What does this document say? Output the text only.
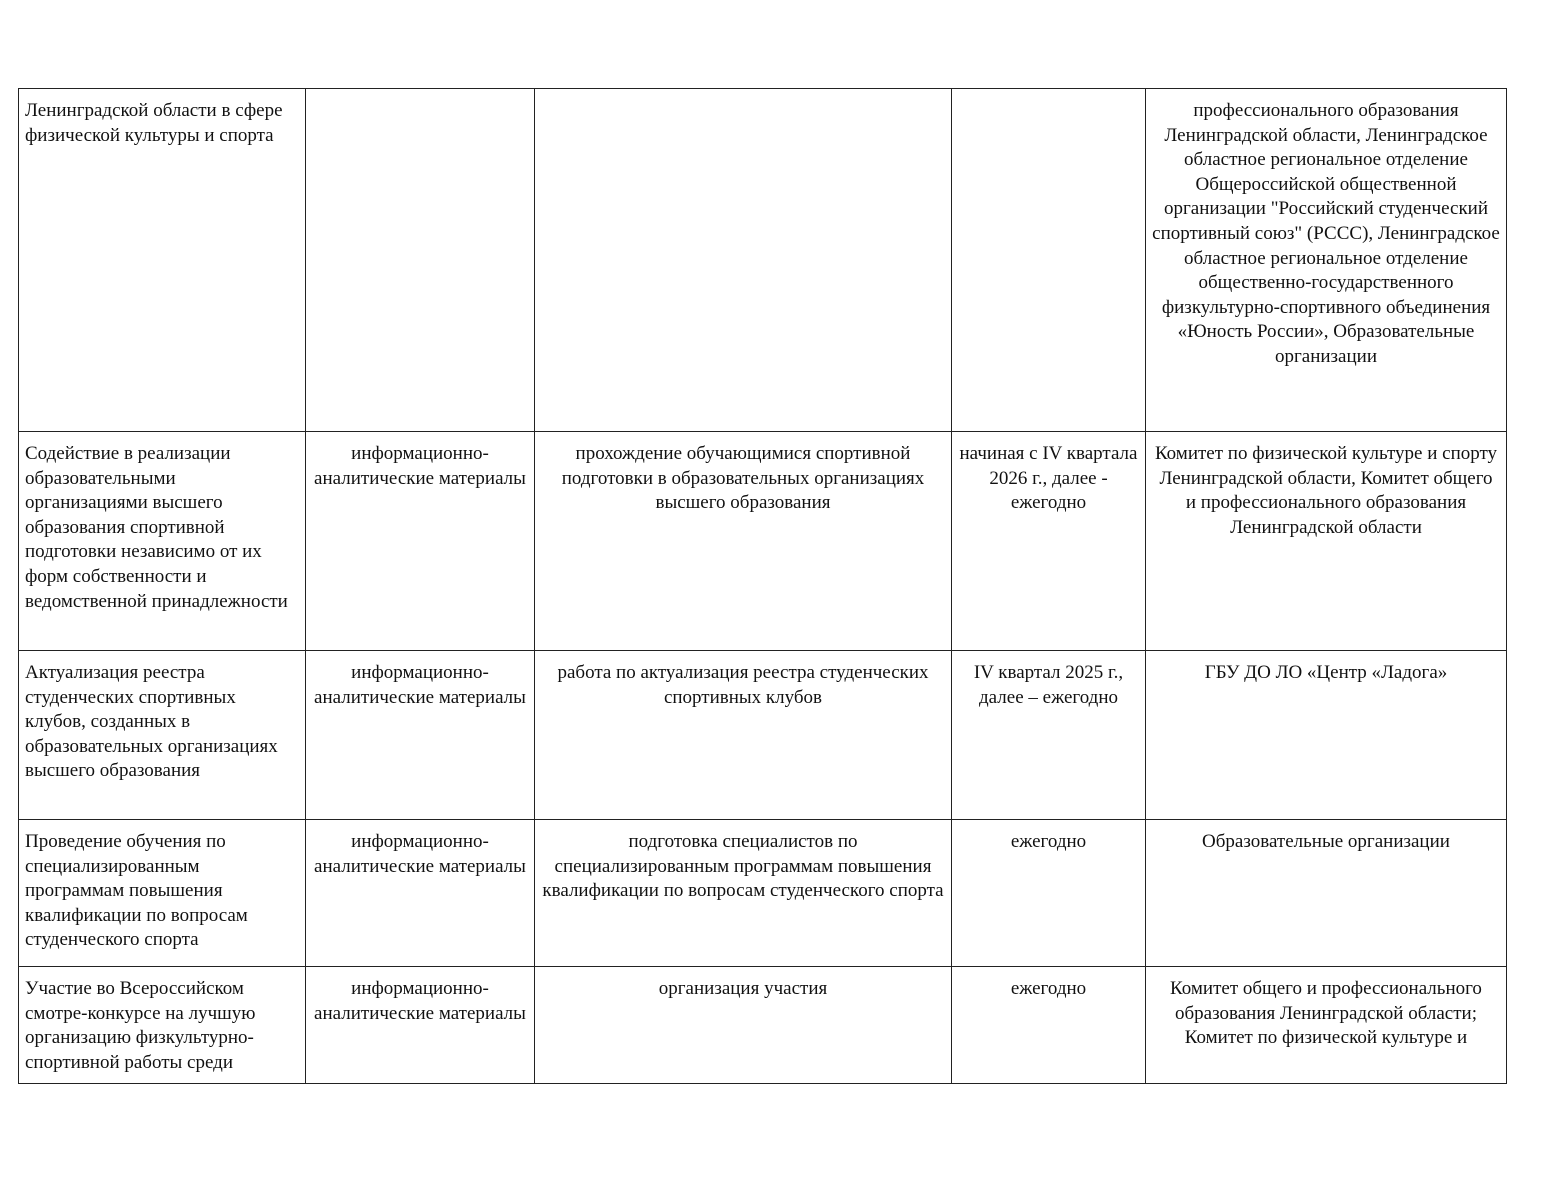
Ленинградской области в сфере физической культуры и спорта				профессионального образования Ленинградской области, Ленинградское областное региональное отделение Общероссийской общественной организации "Российский студенческий спортивный союз" (РССС), Ленинградское областное региональное отделение общественно-государственного физкультурно-спортивного объединения «Юность России», Образовательные организации
Содействие в реализации образовательными организациями высшего образования спортивной подготовки независимо от их форм собственности и ведомственной принадлежности	информационно-аналитические материалы	прохождение обучающимися спортивной подготовки в образовательных организациях высшего образования	начиная с IV квартала 2026 г., далее - ежегодно	Комитет по физической культуре и спорту Ленинградской области, Комитет общего и профессионального образования Ленинградской области
Актуализация реестра студенческих спортивных клубов, созданных в образовательных организациях высшего образования	информационно-аналитические материалы	работа по актуализация реестра студенческих спортивных клубов	IV квартал 2025 г., далее – ежегодно	ГБУ ДО ЛО «Центр «Ладога»
Проведение обучения по специализированным программам повышения квалификации по вопросам студенческого спорта	информационно-аналитические материалы	подготовка специалистов по специализированным программам повышения квалификации по вопросам студенческого спорта	ежегодно	Образовательные организации
Участие во Всероссийском смотре-конкурсе на лучшую организацию физкультурно-спортивной работы среди	информационно-аналитические материалы	организация участия	ежегодно	Комитет общего и профессионального образования Ленинградской области; Комитет по физической культуре и
